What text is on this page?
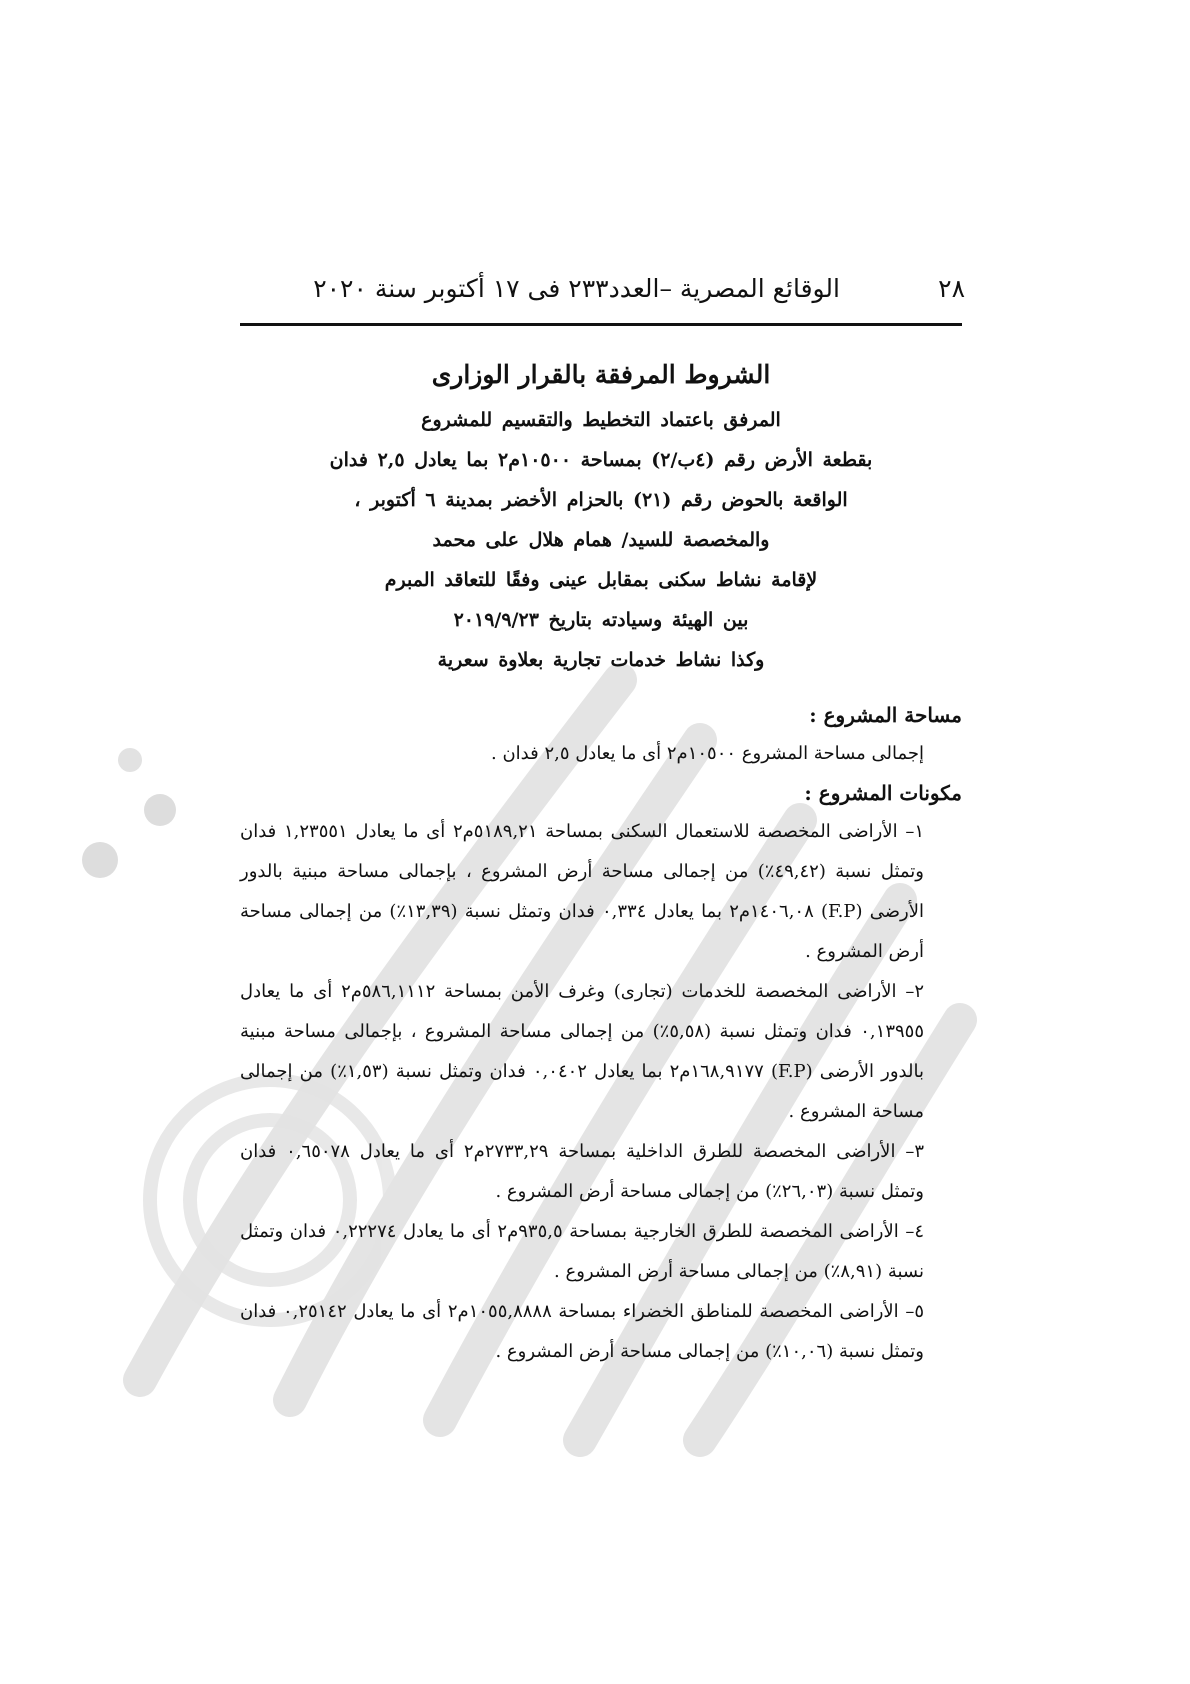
٢٨
الوقائع المصرية –العدد٢٣٣ فى ١٧ أكتوبر سنة ٢٠٢٠
الشروط المرفقة بالقرار الوزارى
المرفق باعتماد التخطيط والتقسيم للمشروع
بقطعة الأرض رقم (٤ب/٢) بمساحة ١٠٥٠٠م٢ بما يعادل ٢,٥ فدان
الواقعة بالحوض رقم (٢١) بالحزام الأخضر بمدينة ٦ أكتوبر ،
والمخصصة للسيد/ همام هلال على محمد
لإقامة نشاط سكنى بمقابل عينى وفقًا للتعاقد المبرم
بين الهيئة وسيادته بتاريخ ٢٠١٩/٩/٢٣
وكذا نشاط خدمات تجارية بعلاوة سعرية
مساحة المشروع :

إجمالى مساحة المشروع ١٠٥٠٠م٢ أى ما يعادل ٢,٥ فدان .

مكونات المشروع :

١– الأراضى المخصصة للاستعمال السكنى بمساحة ٥١٨٩,٢١م٢ أى ما يعادل ١,٢٣٥٥١ فدان وتمثل نسبة (٤٩,٤٢٪) من إجمالى مساحة أرض المشروع ، بإجمالى مساحة مبنية بالدور الأرضى (F.P) ١٤٠٦,٠٨م٢ بما يعادل ٠,٣٣٤ فدان وتمثل نسبة (١٣,٣٩٪) من إجمالى مساحة أرض المشروع .

٢– الأراضى المخصصة للخدمات (تجارى) وغرف الأمن بمساحة ٥٨٦,١١١٢م٢ أى ما يعادل ٠,١٣٩٥٥ فدان وتمثل نسبة (٥,٥٨٪) من إجمالى مساحة المشروع ، بإجمالى مساحة مبنية بالدور الأرضى (F.P) ١٦٨,٩١٧٧م٢ بما يعادل ٠,٠٤٠٢ فدان وتمثل نسبة (١,٥٣٪) من إجمالى مساحة المشروع .

٣– الأراضى المخصصة للطرق الداخلية بمساحة ٢٧٣٣,٢٩م٢ أى ما يعادل ٠,٦٥٠٧٨ فدان وتمثل نسبة (٢٦,٠٣٪) من إجمالى مساحة أرض المشروع .

٤– الأراضى المخصصة للطرق الخارجية بمساحة ٩٣٥,٥م٢ أى ما يعادل ٠,٢٢٢٧٤ فدان وتمثل نسبة (٨,٩١٪) من إجمالى مساحة أرض المشروع .

٥– الأراضى المخصصة للمناطق الخضراء بمساحة ١٠٥٥,٨٨٨٨م٢ أى ما يعادل ٠,٢٥١٤٢ فدان وتمثل نسبة (١٠,٠٦٪) من إجمالى مساحة أرض المشروع .
